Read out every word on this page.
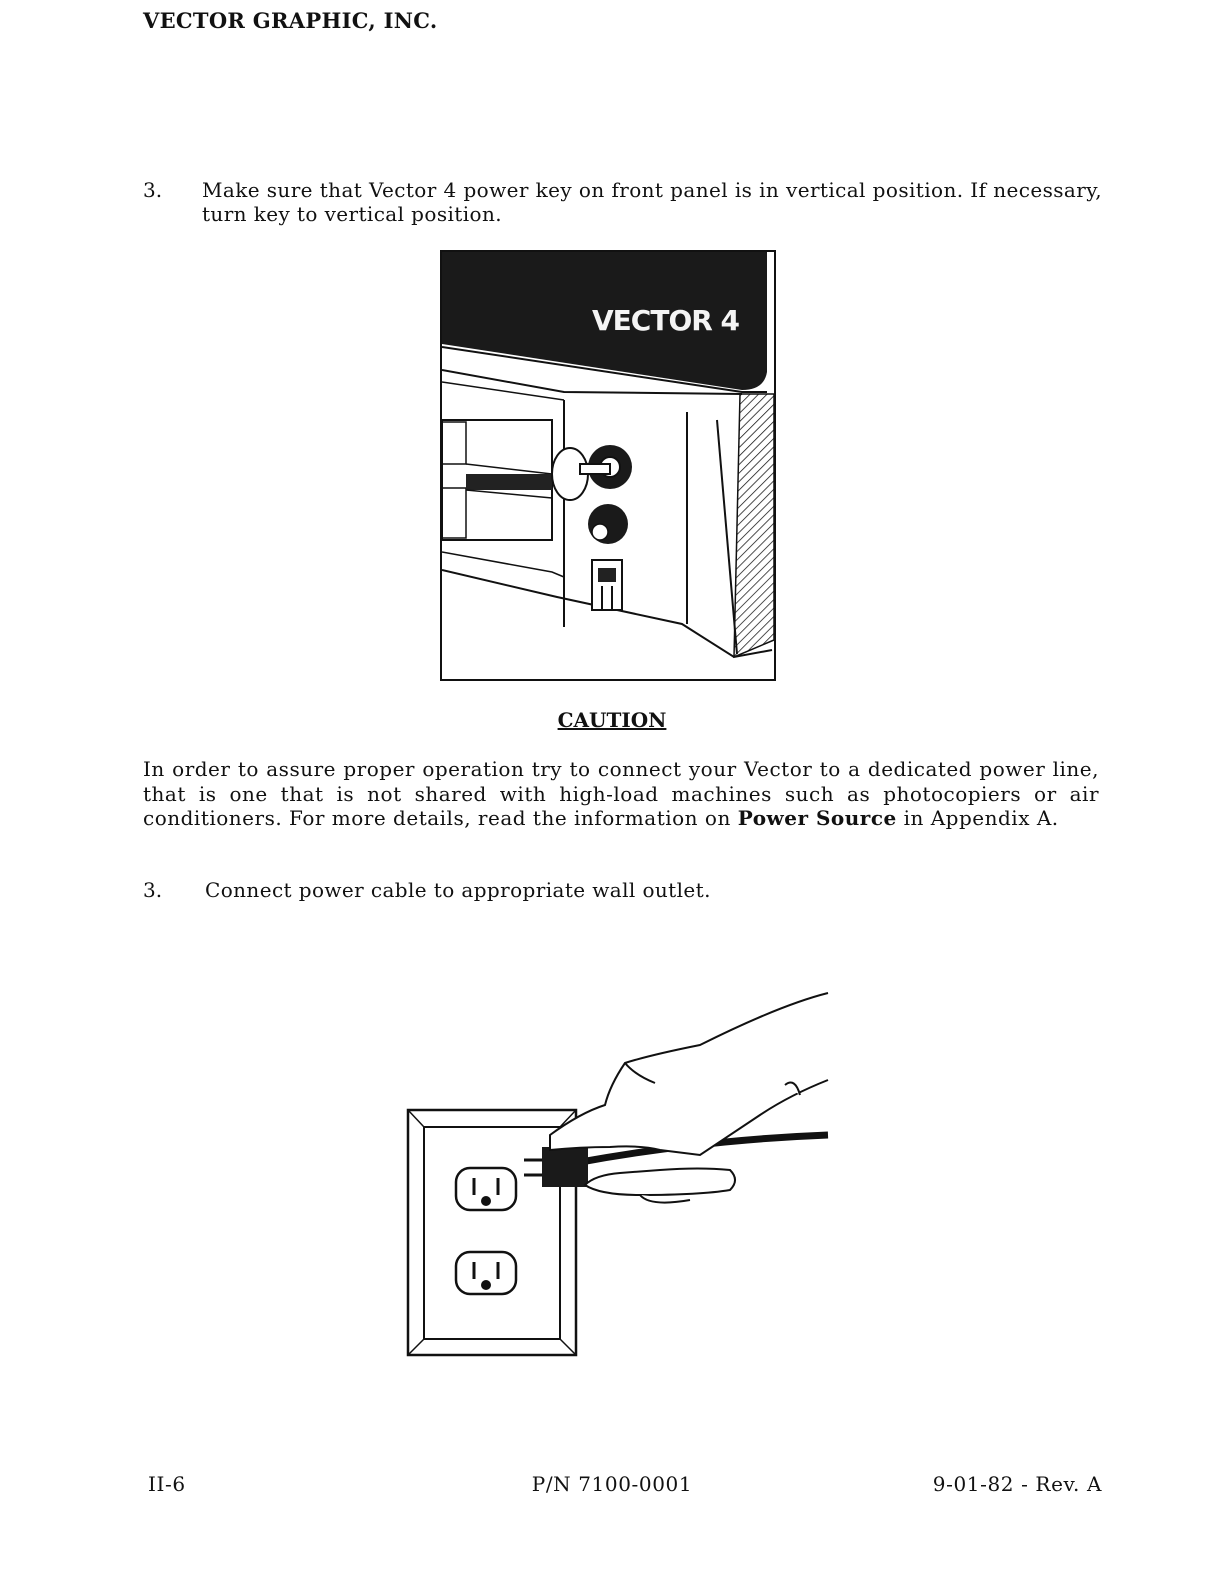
VECTOR GRAPHIC, INC.
3. Make sure that Vector 4 power key on front panel is in vertical position. If necessary, turn key to vertical position.
VECTOR 4
CAUTION
In order to assure proper operation try to connect your Vector to a dedicated power line, that is one that is not shared with high-load machines such as photocopiers or air conditioners. For more details, read the information on Power Source in Appendix A.
3. Connect power cable to appropriate wall outlet.
II-6	P/N 7100-0001	9-01-82 - Rev. A
